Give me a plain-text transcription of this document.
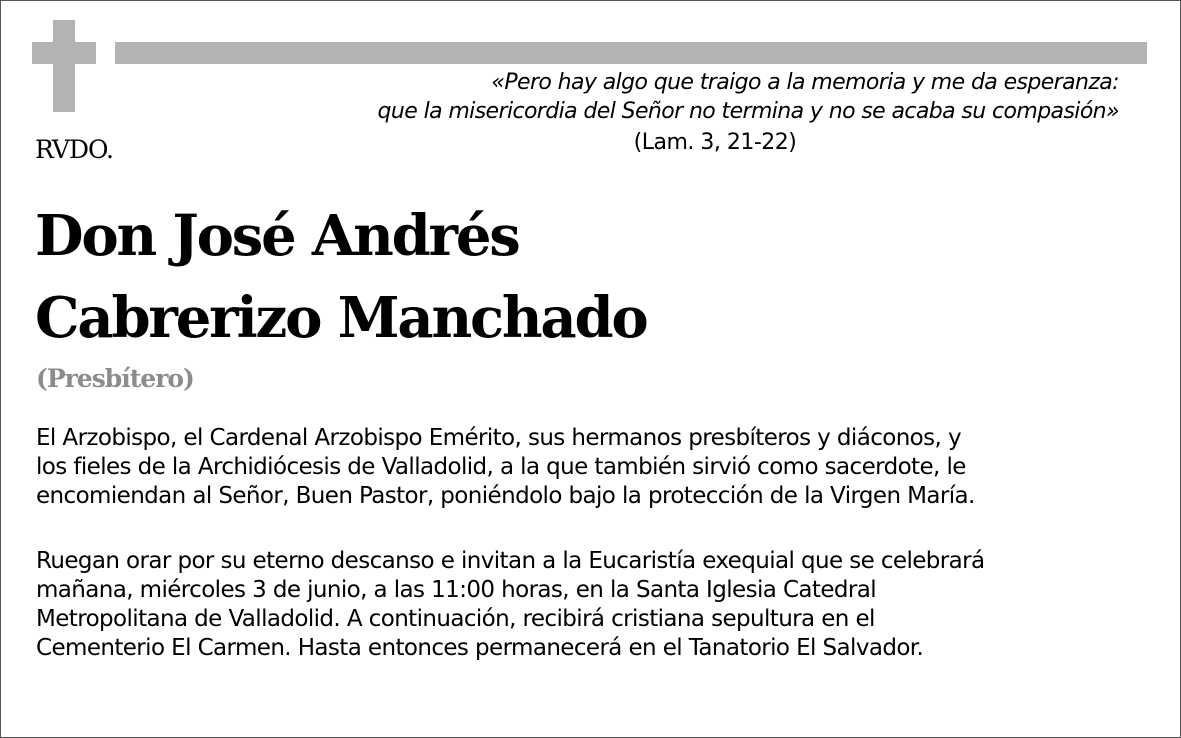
«Pero hay algo que traigo a la memoria y me da esperanza:
que la misericordia del Señor no termina y no se acaba su compasión»
(Lam. 3, 21-22)
RVDO.
Don José Andrés
Cabrerizo Manchado
(Presbítero)
El Arzobispo, el Cardenal Arzobispo Emérito, sus hermanos presbíteros y diáconos, y
los fieles de la Archidiócesis de Valladolid, a la que también sirvió como sacerdote, le
encomiendan al Señor, Buen Pastor, poniéndolo bajo la protección de la Virgen María.
Ruegan orar por su eterno descanso e invitan a la Eucaristía exequial que se celebrará
mañana, miércoles 3 de junio, a las 11:00 horas, en la Santa Iglesia Catedral
Metropolitana de Valladolid. A continuación, recibirá cristiana sepultura en el
Cementerio El Carmen. Hasta entonces permanecerá en el Tanatorio El Salvador.
